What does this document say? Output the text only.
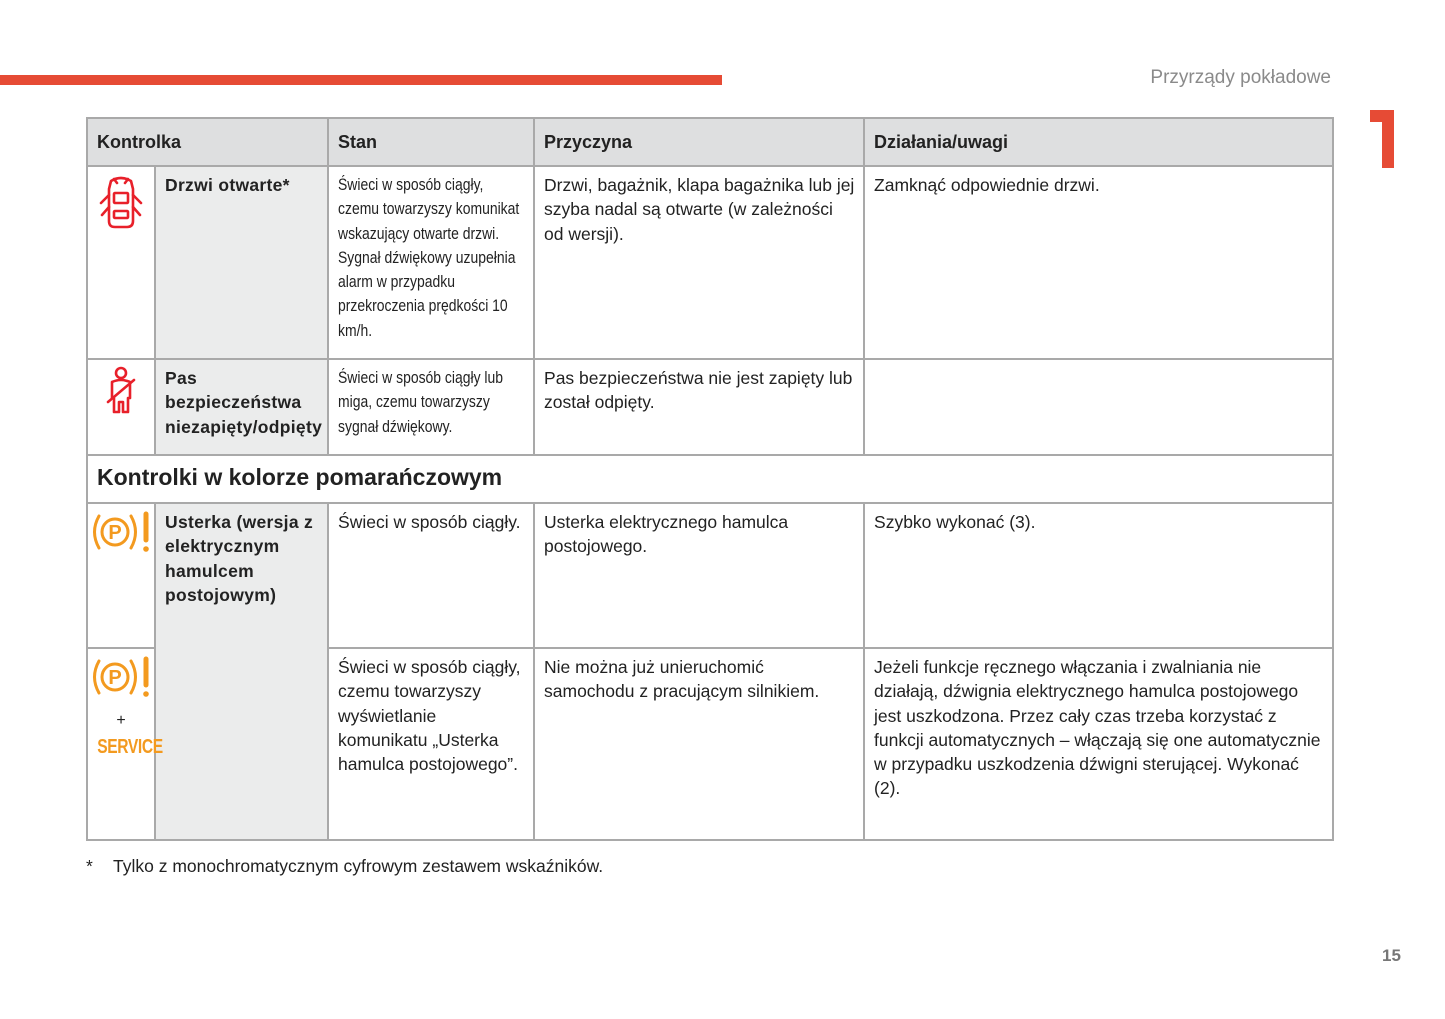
Przyrządy pokładowe
Kontrolka		Stan	Przyczyna	Działania/uwagi
	Drzwi otwarte*	Świeci w sposób ciągły, czemu towarzyszy komunikat wskazujący otwarte drzwi. Sygnał dźwiękowy uzupełnia alarm w przypadku przekroczenia prędkości 10 km/h.	Drzwi, bagażnik, klapa bagażnika lub jej szyba nadal są otwarte (w zależności od wersji).	Zamknąć odpowiednie drzwi.
	Pas bezpieczeństwa niezapięty/odpięty	Świeci w sposób ciągły lub miga, czemu towarzyszy sygnał dźwiękowy.	Pas bezpieczeństwa nie jest zapięty lub został odpięty.	
Kontrolki w kolorze pomarańczowym				

P	Usterka (wersja z elektrycznym hamulcem postojowym)	Świeci w sposób ciągły.	Usterka elektrycznego hamulca postojowego.	Szybko wykonać (3).

P
+
SERVICE	Świeci w sposób ciągły, czemu towarzyszy wyświetlanie komunikatu „Usterka hamulca postojowego”.	Nie można już unieruchomić samochodu z pracującym silnikiem.	Jeżeli funkcje ręcznego włączania i zwalniania nie działają, dźwignia elektrycznego hamulca postojowego jest uszkodzona. Przez cały czas trzeba korzystać z funkcji automatycznych – włączają się one automatycznie w przypadku uszkodzenia dźwigni sterującej. Wykonać (2).
* Tylko z monochromatycznym cyfrowym zestawem wskaźników.
15
